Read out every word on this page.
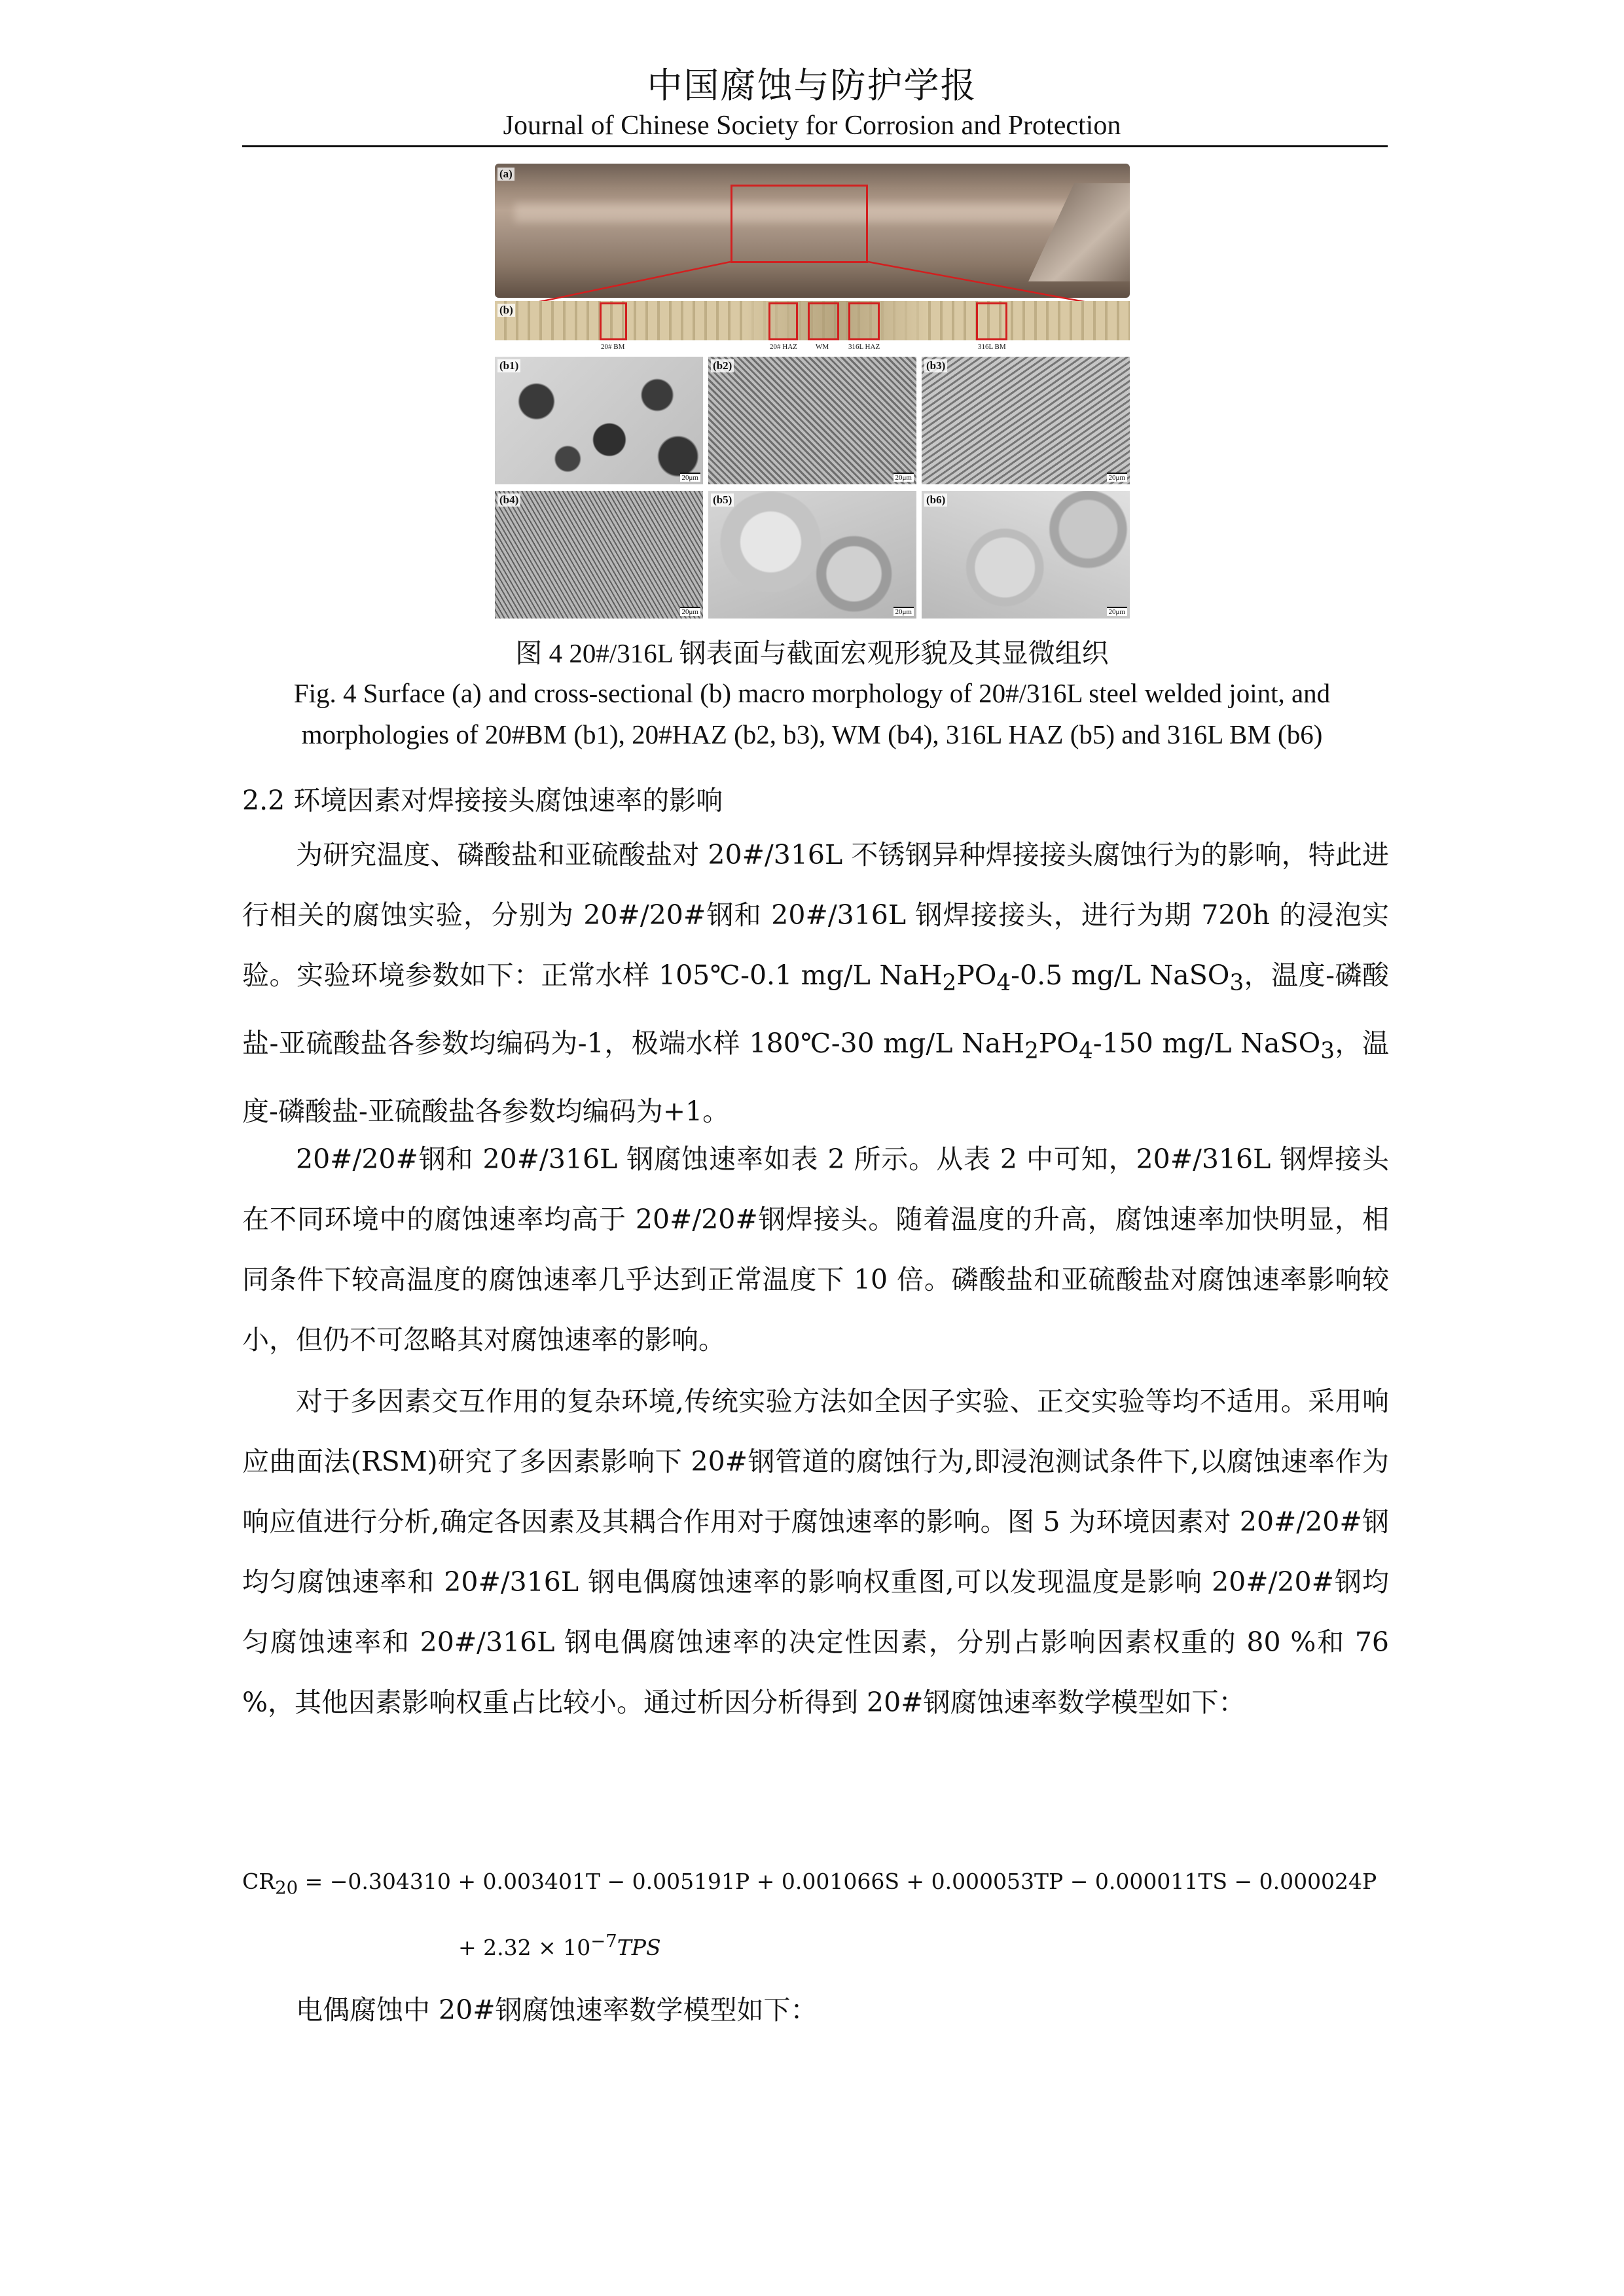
中国腐蚀与防护学报
Journal of Chinese Society for Corrosion and Protection
(a)
(b)
20# BM	20# HAZ	WM	316L HAZ	316L BM
(b1)
20μm
(b2)
20μm
(b3)
20μm
(b4)
20μm
(b5)
20μm
(b6)
20μm
图 4 20#/316L 钢表面与截面宏观形貌及其显微组织
Fig. 4 Surface (a) and cross-sectional (b) macro morphology of 20#/316L steel welded joint, and
morphologies of 20#BM (b1), 20#HAZ (b2, b3), WM (b4), 316L HAZ (b5) and 316L BM (b6)
2.2 环境因素对焊接接头腐蚀速率的影响

为研究温度、磷酸盐和亚硫酸盐对 20#/316L 不锈钢异种焊接接头腐蚀行为的影响，特此进行相关的腐蚀实验，分别为 20#/20#钢和 20#/316L 钢焊接接头，进行为期 720h 的浸泡实验。实验环境参数如下：正常水样 105℃-0.1 mg/L $NaH_2PO_4-0.5$ mg/L NaSO$_3$，温度-磷酸盐-亚硫酸盐各参数均编码为-1，极端水样 180℃-30 mg/L $NaH_2PO_4-150$ mg/L NaSO$_3$，温度-磷酸盐-亚硫酸盐各参数均编码为+1。

20#/20#钢和 20#/316L 钢腐蚀速率如表 2 所示。从表 2 中可知，20#/316L 钢焊接头在不同环境中的腐蚀速率均高于 20#/20#钢焊接头。随着温度的升高，腐蚀速率加快明显，相同条件下较高温度的腐蚀速率几乎达到正常温度下 10 倍。磷酸盐和亚硫酸盐对腐蚀速率影响较小，但仍不可忽略其对腐蚀速率的影响。

对于多因素交互作用的复杂环境,传统实验方法如全因子实验、正交实验等均不适用。采用响应曲面法(RSM)研究了多因素影响下 20#钢管道的腐蚀行为,即浸泡测试条件下,以腐蚀速率作为响应值进行分析,确定各因素及其耦合作用对于腐蚀速率的影响。图 5 为环境因素对 20#/20#钢均匀腐蚀速率和 20#/316L 钢电偶腐蚀速率的影响权重图,可以发现温度是影响 20#/20#钢均匀腐蚀速率和 20#/316L 钢电偶腐蚀速率的决定性因素，分别占影响因素权重的 80 %和 76 %，其他因素影响权重占比较小。通过析因分析得到 20#钢腐蚀速率数学模型如下：

$CR_{20} = -0.304310 + 0.003401T - 0.005191P + 0.001066S + 0.000053TP - 0.000011TS - 0.000024P$
+ $2.32 \times 10^{-7}TPS$

电偶腐蚀中 20#钢腐蚀速率数学模型如下：
